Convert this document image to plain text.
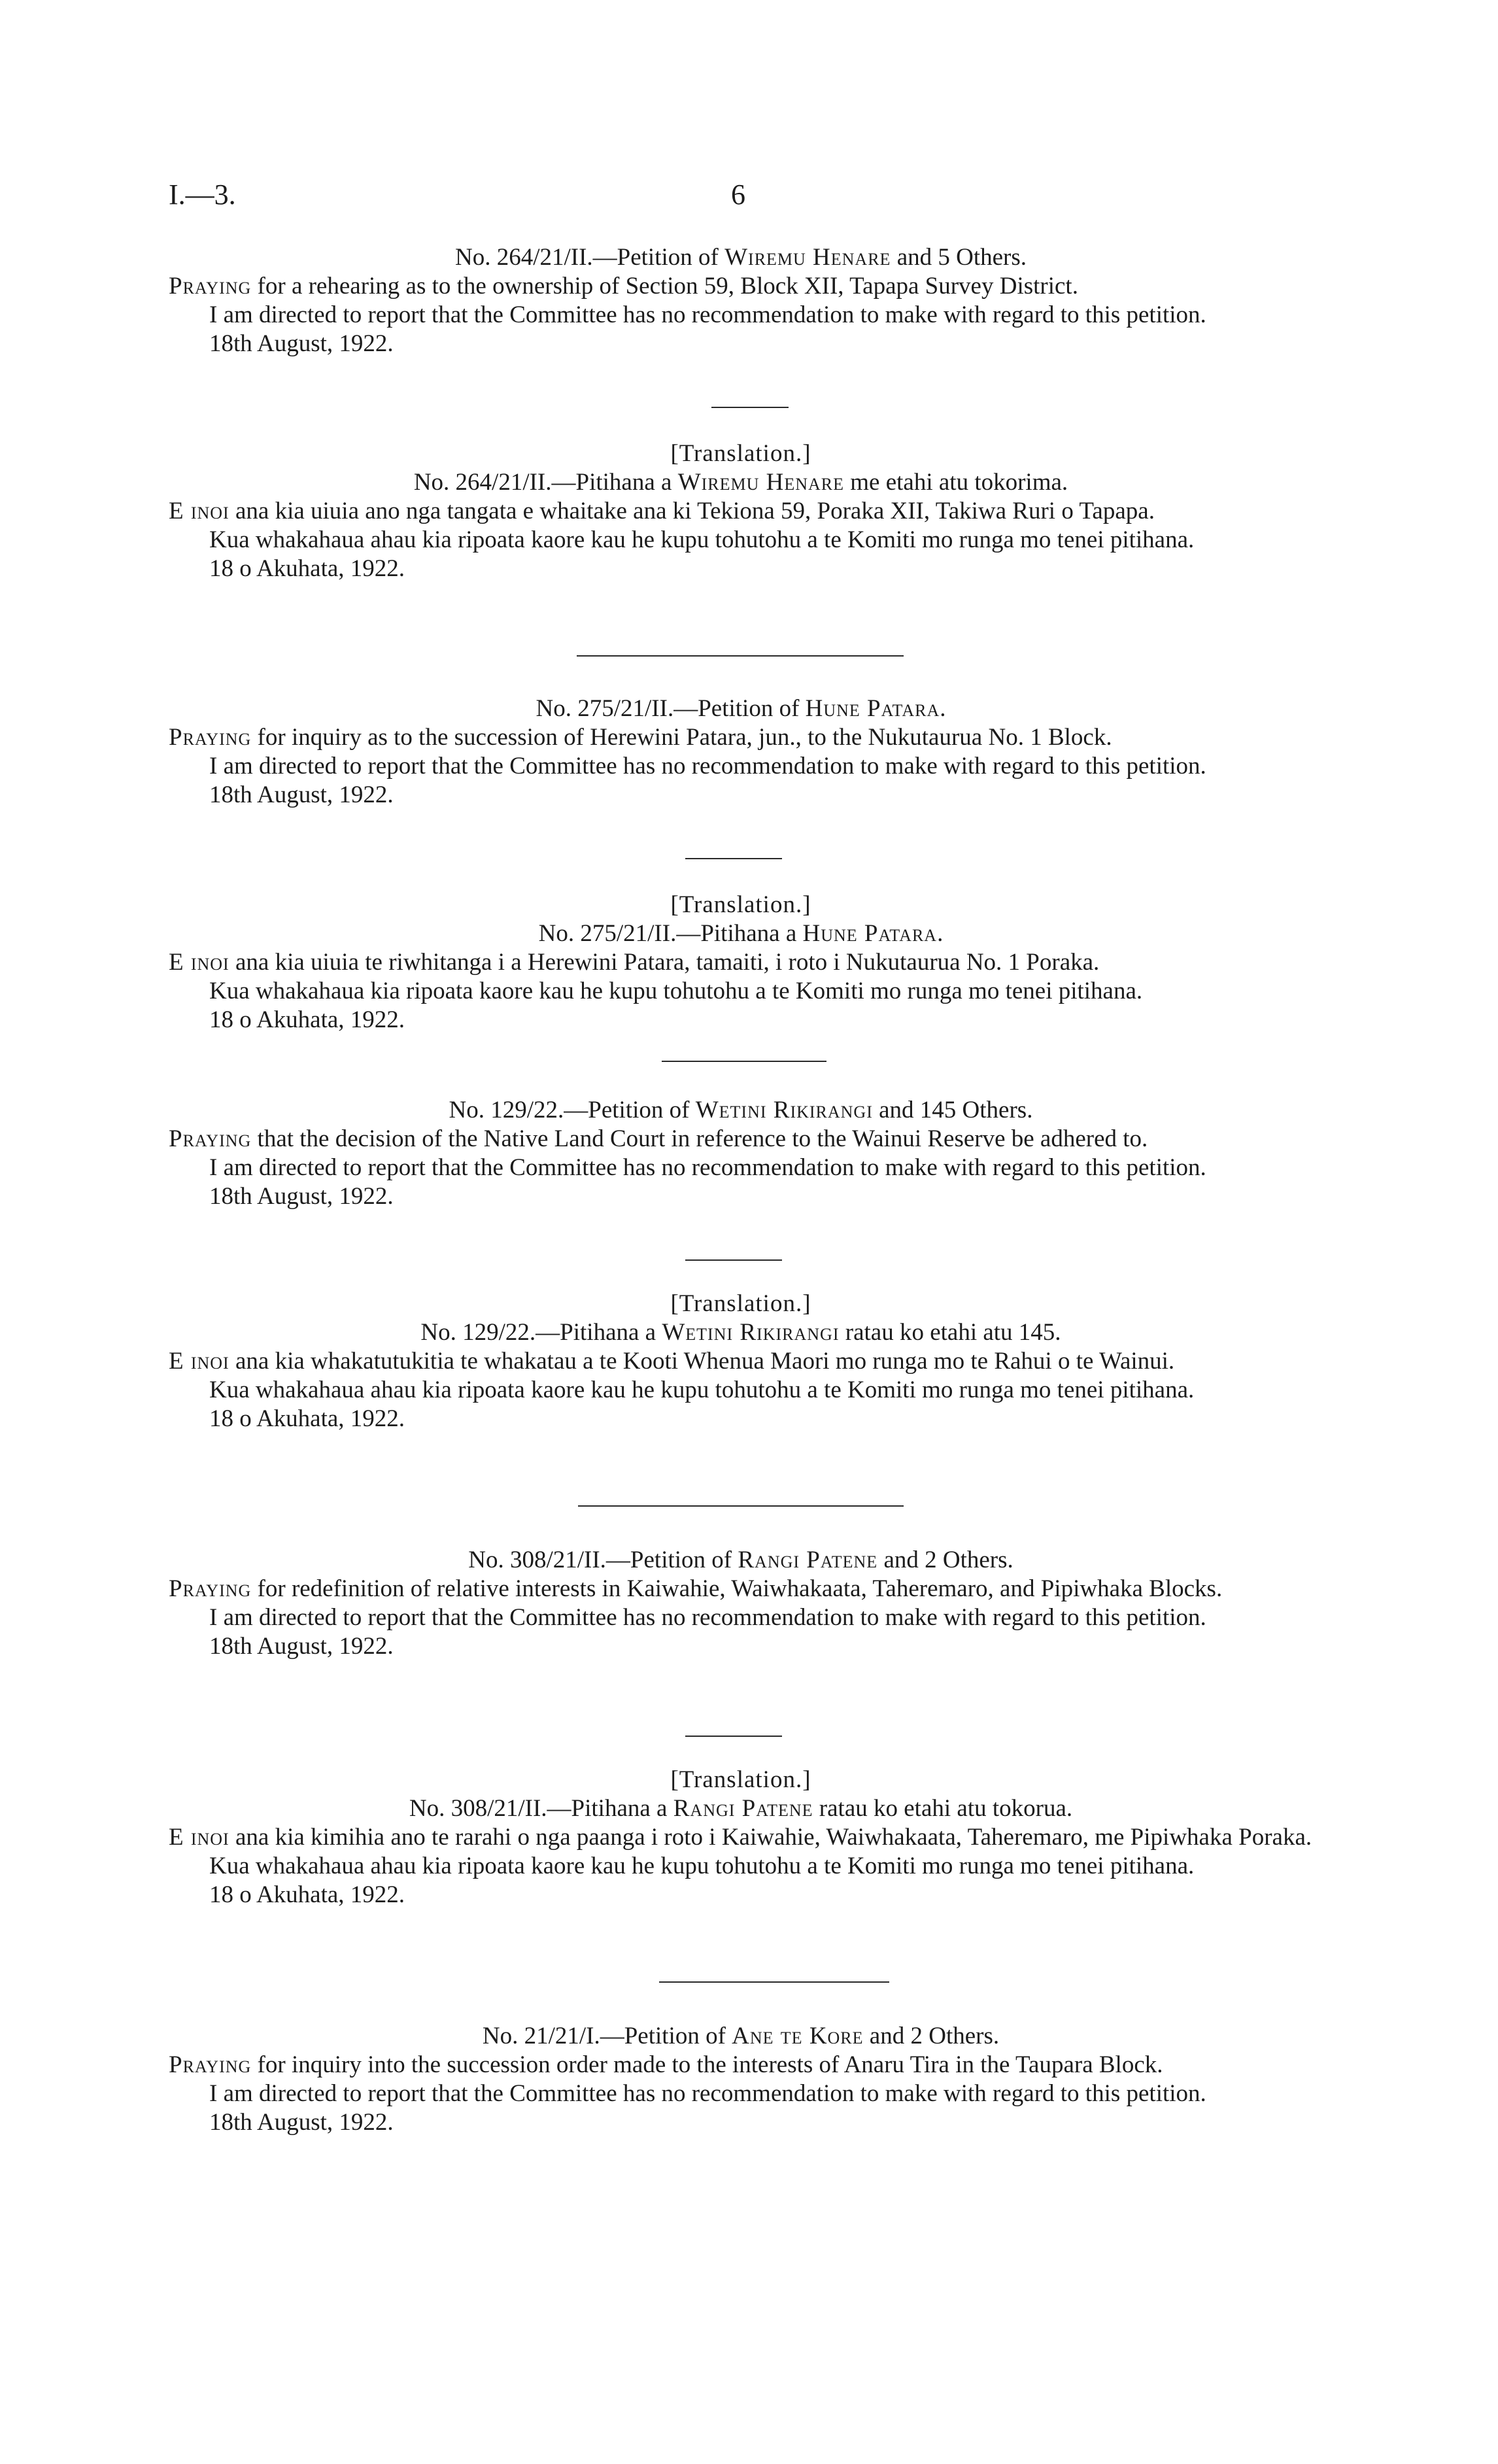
I.—3.	6

No. 264/21/II.—Petition of Wiremu Henare and 5 Others.

Praying for a rehearing as to the ownership of Section 59, Block XII, Tapapa Survey District.

I am directed to report that the Committee has no recommendation to make with regard to this petition.

18th August, 1922.

[Translation.]

No. 264/21/II.—Pitihana a Wiremu Henare me etahi atu tokorima.

E inoi ana kia uiuia ano nga tangata e whaitake ana ki Tekiona 59, Poraka XII, Takiwa Ruri o Tapapa.

Kua whakahaua ahau kia ripoata kaore kau he kupu tohutohu a te Komiti mo runga mo tenei pitihana.

18 o Akuhata, 1922.

No. 275/21/II.—Petition of Hune Patara.

Praying for inquiry as to the succession of Herewini Patara, jun., to the Nukutaurua No. 1 Block.

I am directed to report that the Committee has no recommendation to make with regard to this petition.

18th August, 1922.

[Translation.]

No. 275/21/II.—Pitihana a Hune Patara.

E inoi ana kia uiuia te riwhitanga i a Herewini Patara, tamaiti, i roto i Nukutaurua No. 1 Poraka.

Kua whakahaua kia ripoata kaore kau he kupu tohutohu a te Komiti mo runga mo tenei pitihana.

18 o Akuhata, 1922.

No. 129/22.—Petition of Wetini Rikirangi and 145 Others.

Praying that the decision of the Native Land Court in reference to the Wainui Reserve be adhered to.

I am directed to report that the Committee has no recommendation to make with regard to this petition.

18th August, 1922.

[Translation.]

No. 129/22.—Pitihana a Wetini Rikirangi ratau ko etahi atu 145.

E inoi ana kia whakatutukitia te whakatau a te Kooti Whenua Maori mo runga mo te Rahui o te Wainui.

Kua whakahaua ahau kia ripoata kaore kau he kupu tohutohu a te Komiti mo runga mo tenei pitihana.

18 o Akuhata, 1922.

No. 308/21/II.—Petition of Rangi Patene and 2 Others.

Praying for redefinition of relative interests in Kaiwahie, Waiwhakaata, Taheremaro, and Pipiwhaka Blocks.

I am directed to report that the Committee has no recommendation to make with regard to this petition.

18th August, 1922.

[Translation.]

No. 308/21/II.—Pitihana a Rangi Patene ratau ko etahi atu tokorua.

E inoi ana kia kimihia ano te rarahi o nga paanga i roto i Kaiwahie, Waiwhakaata, Taheremaro, me Pipiwhaka Poraka.

Kua whakahaua ahau kia ripoata kaore kau he kupu tohutohu a te Komiti mo runga mo tenei pitihana.

18 o Akuhata, 1922.

No. 21/21/I.—Petition of Ane te Kore and 2 Others.

Praying for inquiry into the succession order made to the interests of Anaru Tira in the Taupara Block.

I am directed to report that the Committee has no recommendation to make with regard to this petition.

18th August, 1922.
